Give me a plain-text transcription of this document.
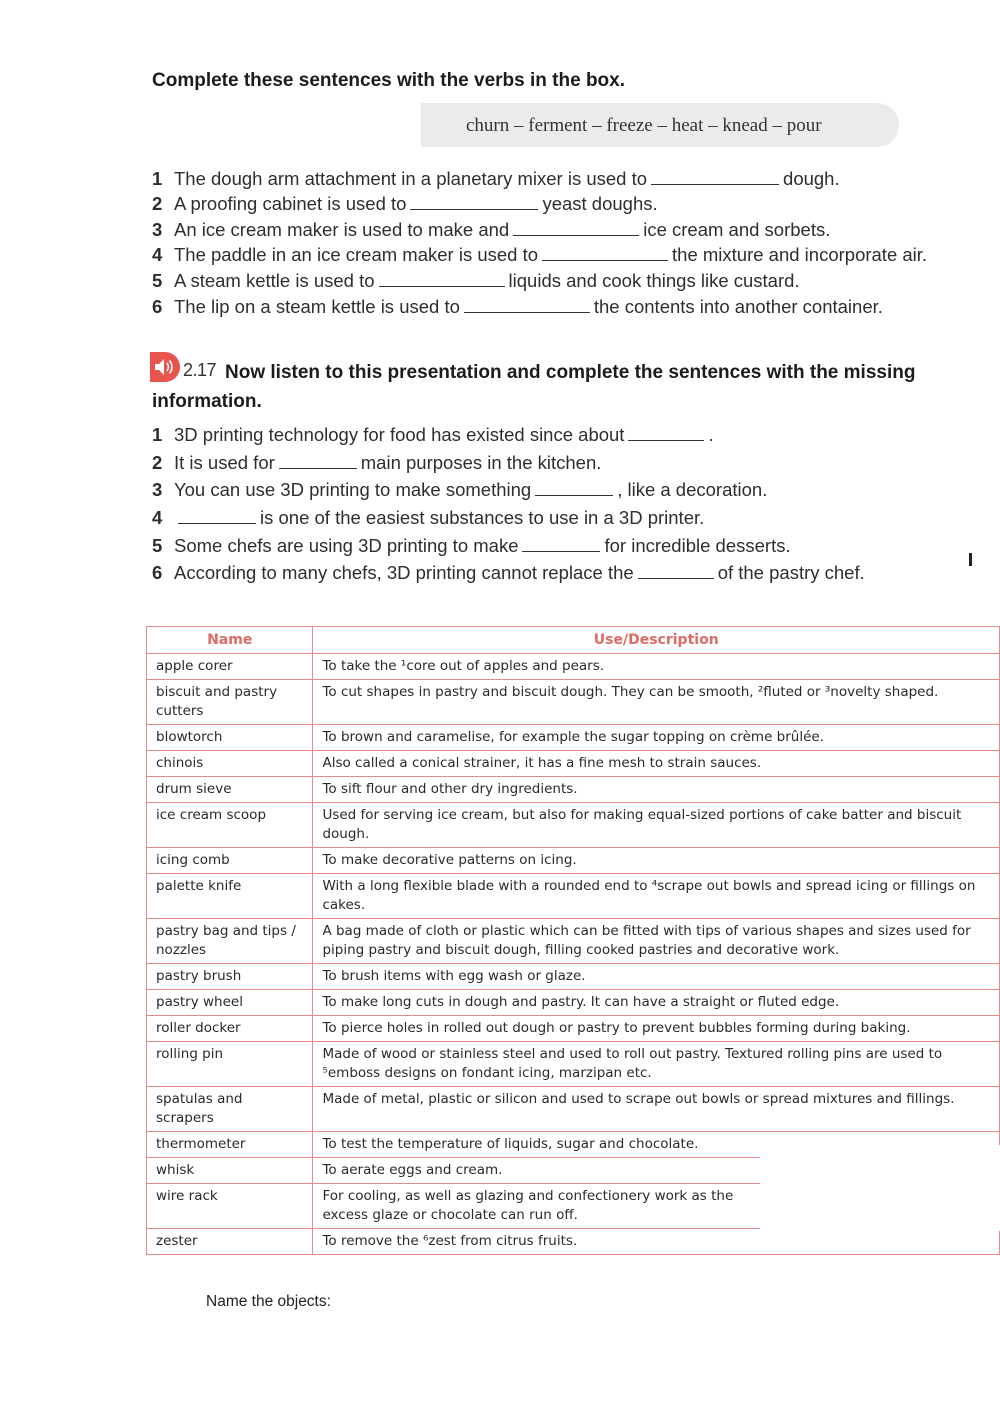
Complete these sentences with the verbs in the box.
churn – ferment – freeze – heat – knead – pour
1 The dough arm attachment in a planetary mixer is used to	dough.
2 A proofing cabinet is used to	yeast doughs.
3 An ice cream maker is used to make and	ice cream and sorbets.
4 The paddle in an ice cream maker is used to	the mixture and incorporate air.
5 A steam kettle is used to	liquids and cook things like custard.
6 The lip on a steam kettle is used to	the contents into another container.
2.17 Now listen to this presentation and complete the sentences with the missing
information.
1 3D printing technology for food has existed since about	.
2 It is used for	main purposes in the kitchen.
3 You can use 3D printing to make something	, like a decoration.
4	is one of the easiest substances to use in a 3D printer.
5 Some chefs are using 3D printing to make	for incredible desserts.
6 According to many chefs, 3D printing cannot replace the	of the pastry chef.
Name	Use/Description
apple corer	To take the ¹core out of apples and pears.
biscuit and pastry cutters	To cut shapes in pastry and biscuit dough. They can be smooth, ²fluted or ³novelty shaped.
blowtorch	To brown and caramelise, for example the sugar topping on crème brûlée.
chinois	Also called a conical strainer, it has a fine mesh to strain sauces.
drum sieve	To sift flour and other dry ingredients.
ice cream scoop	Used for serving ice cream, but also for making equal-sized portions of cake batter and biscuit dough.
icing comb	To make decorative patterns on icing.
palette knife	With a long flexible blade with a rounded end to ⁴scrape out bowls and spread icing or fillings on cakes.
pastry bag and tips / nozzles	A bag made of cloth or plastic which can be fitted with tips of various shapes and sizes used for piping pastry and biscuit dough, filling cooked pastries and decorative work.
pastry brush	To brush items with egg wash or glaze.
pastry wheel	To make long cuts in dough and pastry. It can have a straight or fluted edge.
roller docker	To pierce holes in rolled out dough or pastry to prevent bubbles forming during baking.
rolling pin	Made of wood or stainless steel and used to roll out pastry. Textured rolling pins are used to ⁵emboss designs on fondant icing, marzipan etc.
spatulas and scrapers	Made of metal, plastic or silicon and used to scrape out bowls or spread mixtures and fillings.
thermometer	To test the temperature of liquids, sugar and chocolate.
whisk	To aerate eggs and cream.
wire rack	For cooling, as well as glazing and confectionery work as the excess glaze or chocolate can run off.
zester	To remove the ⁶zest from citrus fruits.
Name the objects:
